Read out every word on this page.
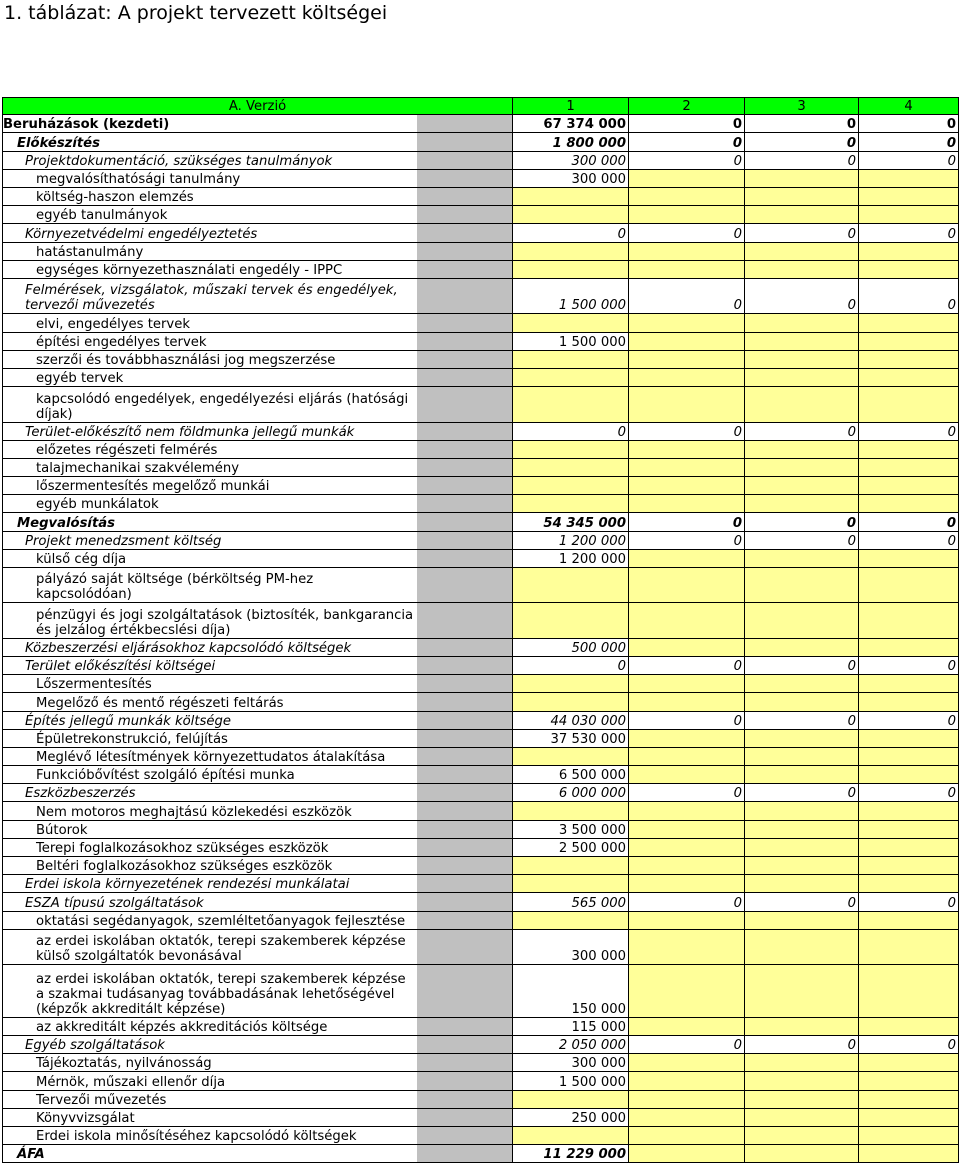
1. táblázat: A projekt tervezett költségei
A. Verzió		1	2	3	4

Beruházások (kezdeti)		67 374 000	0	0	0

Előkészítés		1 800 000	0	0	0

Projektdokumentáció, szükséges tanulmányok		300 000	0	0	0

megvalósíthatósági tanulmány		300 000			

költség-haszon elemzés					

egyéb tanulmányok					

Környezetvédelmi engedélyeztetés		0	0	0	0

hatástanulmány					

egységes környezethasználati engedély - IPPC					

Felmérések, vizsgálatok, műszaki tervek és engedélyek,
tervezői művezetés		1 500 000	0	0	0

elvi, engedélyes tervek					

építési engedélyes tervek		1 500 000			

szerzői és továbbhasználási jog megszerzése					

egyéb tervek					

kapcsolódó engedélyek, engedélyezési eljárás (hatósági
díjak)					

Terület-előkészítő nem földmunka jellegű munkák		0	0	0	0

előzetes régészeti felmérés					

talajmechanikai szakvélemény					

lőszermentesítés megelőző munkái					

egyéb munkálatok					

Megvalósítás		54 345 000	0	0	0

Projekt menedzsment költség		1 200 000	0	0	0

külső cég díja		1 200 000			

pályázó saját költsége (bérköltség PM-hez
kapcsolódóan)					

pénzügyi és jogi szolgáltatások (biztosíték, bankgarancia
és jelzálog értékbecslési díja)					

Közbeszerzési eljárásokhoz kapcsolódó költségek		500 000			

Terület előkészítési költségei		0	0	0	0

Lőszermentesítés					

Megelőző és mentő régészeti feltárás					

Építés jellegű munkák költsége		44 030 000	0	0	0

Épületrekonstrukció, felújítás		37 530 000			

Meglévő létesítmények környezettudatos átalakítása					

Funkcióbővítést szolgáló építési munka		6 500 000			

Eszközbeszerzés		6 000 000	0	0	0

Nem motoros meghajtású közlekedési eszközök					

Bútorok		3 500 000			

Terepi foglalkozásokhoz szükséges eszközök		2 500 000			

Beltéri foglalkozásokhoz szükséges eszközök					

Erdei iskola környezetének rendezési munkálatai					

ESZA típusú szolgáltatások		565 000	0	0	0

oktatási segédanyagok, szemléltetőanyagok fejlesztése					

az erdei iskolában oktatók, terepi szakemberek képzése
külső szolgáltatók bevonásával		300 000			

az erdei iskolában oktatók, terepi szakemberek képzése
a szakmai tudásanyag továbbadásának lehetőségével
(képzők akkreditált képzése)		150 000			

az akkreditált képzés akkreditációs költsége		115 000			

Egyéb szolgáltatások		2 050 000	0	0	0

Tájékoztatás, nyilvánosság		300 000			

Mérnök, műszaki ellenőr díja		1 500 000			

Tervezői művezetés					

Könyvvizsgálat		250 000			

Erdei iskola minősítéséhez kapcsolódó költségek					

ÁFA		11 229 000			
